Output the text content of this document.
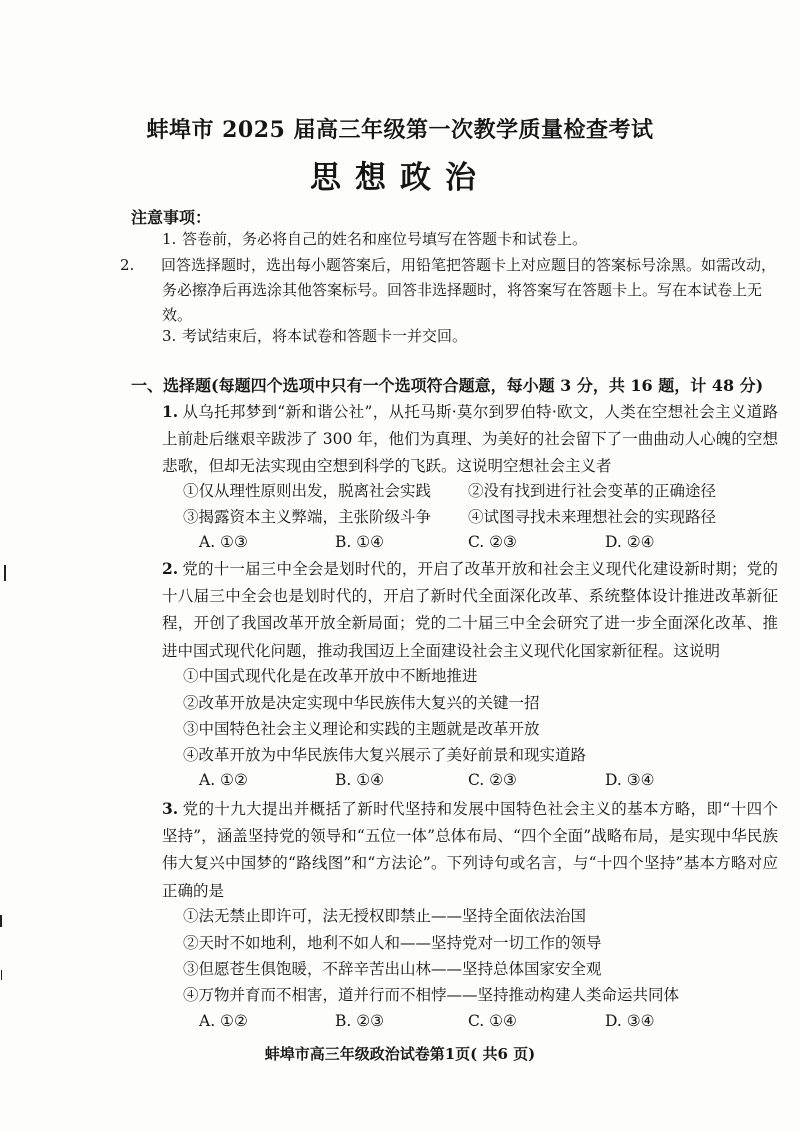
蚌埠市 2025 届高三年级第一次教学质量检查考试
思想政治
注意事项：
1. 答卷前，务必将自己的姓名和座位号填写在答题卡和试卷上。
2. 回答选择题时，选出每小题答案后，用铅笔把答题卡上对应题目的答案标号涂黑。如需改动，务必擦净后再选涂其他答案标号。回答非选择题时，将答案写在答题卡上。写在本试卷上无效。
3. 考试结束后，将本试卷和答题卡一并交回。
一、选择题(每题四个选项中只有一个选项符合题意，每小题 3 分，共 16 题，计 48 分)
1. 从乌托邦梦到“新和谐公社”，从托马斯·莫尔到罗伯特·欧文，人类在空想社会主义道路上前赴后继艰辛跋涉了 300 年，他们为真理、为美好的社会留下了一曲曲动人心魄的空想悲歌，但却无法实现由空想到科学的飞跃。这说明空想社会主义者
①仅从理性原则出发，脱离社会实践 ②没有找到进行社会变革的正确途径
③揭露资本主义弊端，主张阶级斗争 ④试图寻找未来理想社会的实现路径
A. ①③	B. ①④	C. ②③	D. ②④
2. 党的十一届三中全会是划时代的，开启了改革开放和社会主义现代化建设新时期；党的十八届三中全会也是划时代的，开启了新时代全面深化改革、系统整体设计推进改革新征程，开创了我国改革开放全新局面；党的二十届三中全会研究了进一步全面深化改革、推进中国式现代化问题，推动我国迈上全面建设社会主义现代化国家新征程。这说明
①中国式现代化是在改革开放中不断地推进
②改革开放是决定实现中华民族伟大复兴的关键一招
③中国特色社会主义理论和实践的主题就是改革开放
④改革开放为中华民族伟大复兴展示了美好前景和现实道路
A. ①②	B. ①④	C. ②③	D. ③④
3. 党的十九大提出并概括了新时代坚持和发展中国特色社会主义的基本方略，即“十四个坚持”，涵盖坚持党的领导和“五位一体”总体布局、“四个全面”战略布局，是实现中华民族伟大复兴中国梦的“路线图”和“方法论”。下列诗句或名言，与“十四个坚持”基本方略对应正确的是
①法无禁止即许可，法无授权即禁止——坚持全面依法治国
②天时不如地利，地利不如人和——坚持党对一切工作的领导
③但愿苍生俱饱暖，不辞辛苦出山林——坚持总体国家安全观
④万物并育而不相害，道并行而不相悖——坚持推动构建人类命运共同体
A. ①②	B. ②③	C. ①④	D. ③④
蚌埠市高三年级政治试卷第1页( 共6 页)
